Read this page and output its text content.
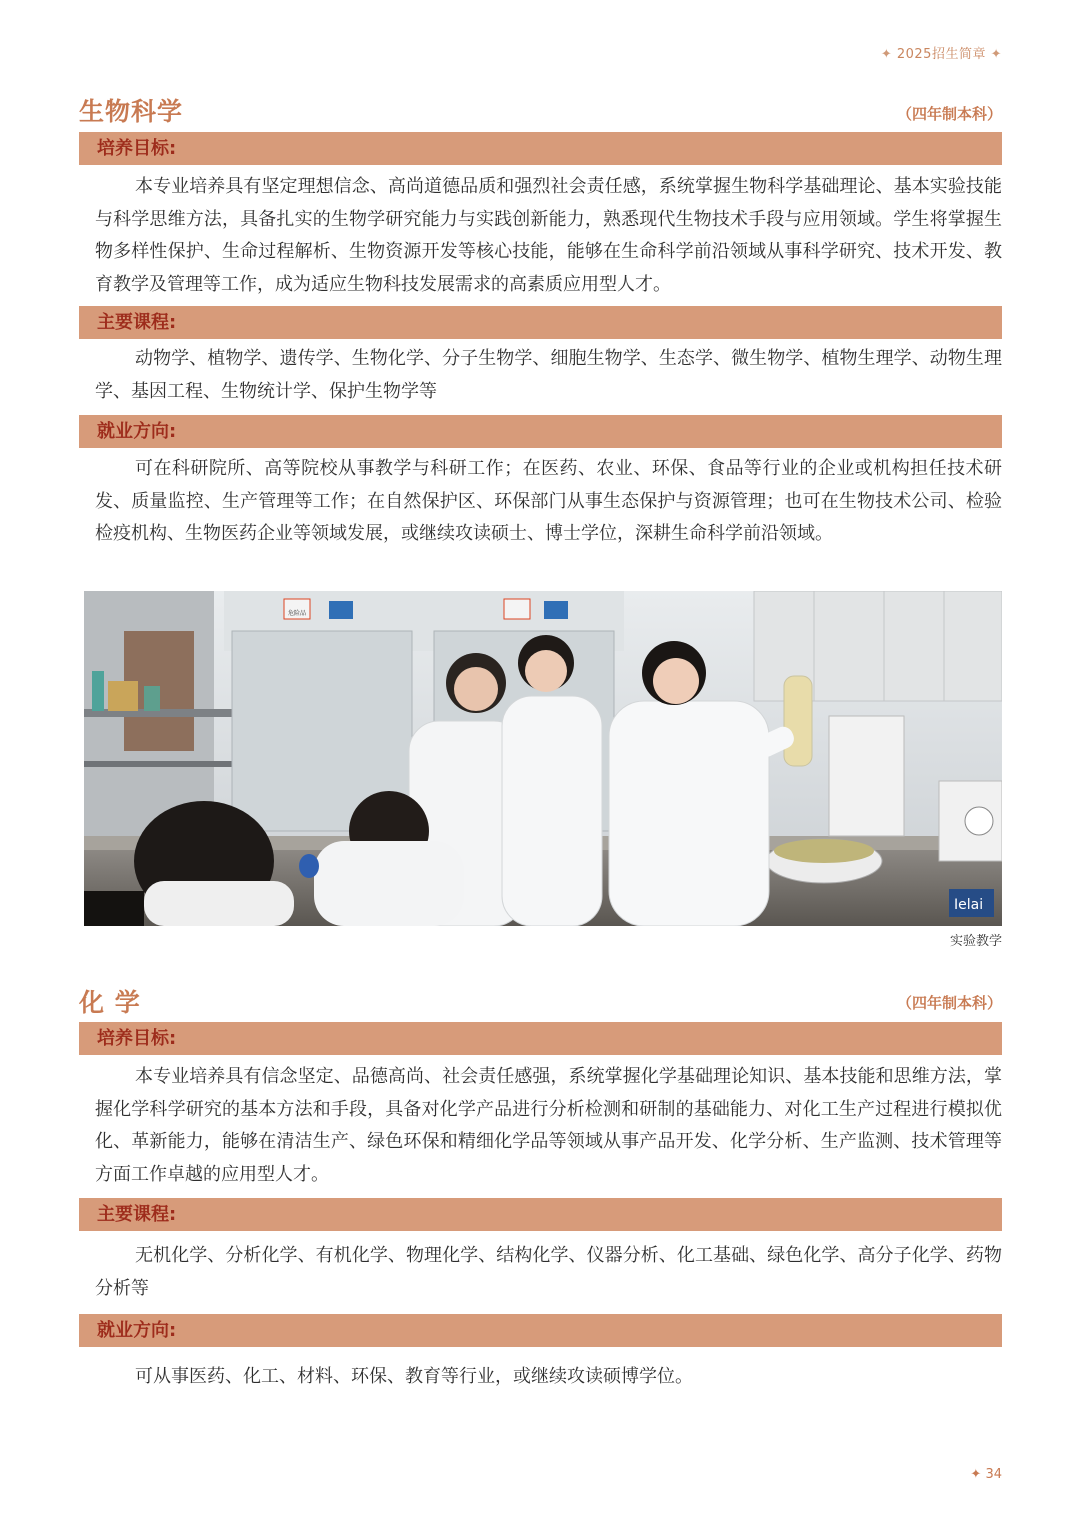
✦ 2025招生简章 ✦
生物科学	（四年制本科）
培养目标:

本专业培养具有坚定理想信念、高尚道德品质和强烈社会责任感，系统掌握生物科学基础理论、基本实验技能与科学思维方法，具备扎实的生物学研究能力与实践创新能力，熟悉现代生物技术手段与应用领域。学生将掌握生物多样性保护、生命过程解析、生物资源开发等核心技能，能够在生命科学前沿领域从事科学研究、技术开发、教育教学及管理等工作，成为适应生物科技发展需求的高素质应用型人才。

主要课程:

动物学、植物学、遗传学、生物化学、分子生物学、细胞生物学、生态学、微生物学、植物生理学、动物生理学、基因工程、生物统计学、保护生物学等

就业方向:

可在科研院所、高等院校从事教学与科研工作；在医药、农业、环保、食品等行业的企业或机构担任技术研发、质量监控、生产管理等工作；在自然保护区、环保部门从事生态保护与资源管理；也可在生物技术公司、检验检疫机构、生物医药企业等领域发展，或继续攻读硕士、博士学位，深耕生命科学前沿领域。

危险品
Ielai
实验教学
化 学	（四年制本科）
培养目标:

本专业培养具有信念坚定、品德高尚、社会责任感强，系统掌握化学基础理论知识、基本技能和思维方法，掌握化学科学研究的基本方法和手段，具备对化学产品进行分析检测和研制的基础能力、对化工生产过程进行模拟优化、革新能力，能够在清洁生产、绿色环保和精细化学品等领域从事产品开发、化学分析、生产监测、技术管理等方面工作卓越的应用型人才。

主要课程:

无机化学、分析化学、有机化学、物理化学、结构化学、仪器分析、化工基础、绿色化学、高分子化学、药物分析等

就业方向:

可从事医药、化工、材料、环保、教育等行业，或继续攻读硕博学位。

✦ 34
